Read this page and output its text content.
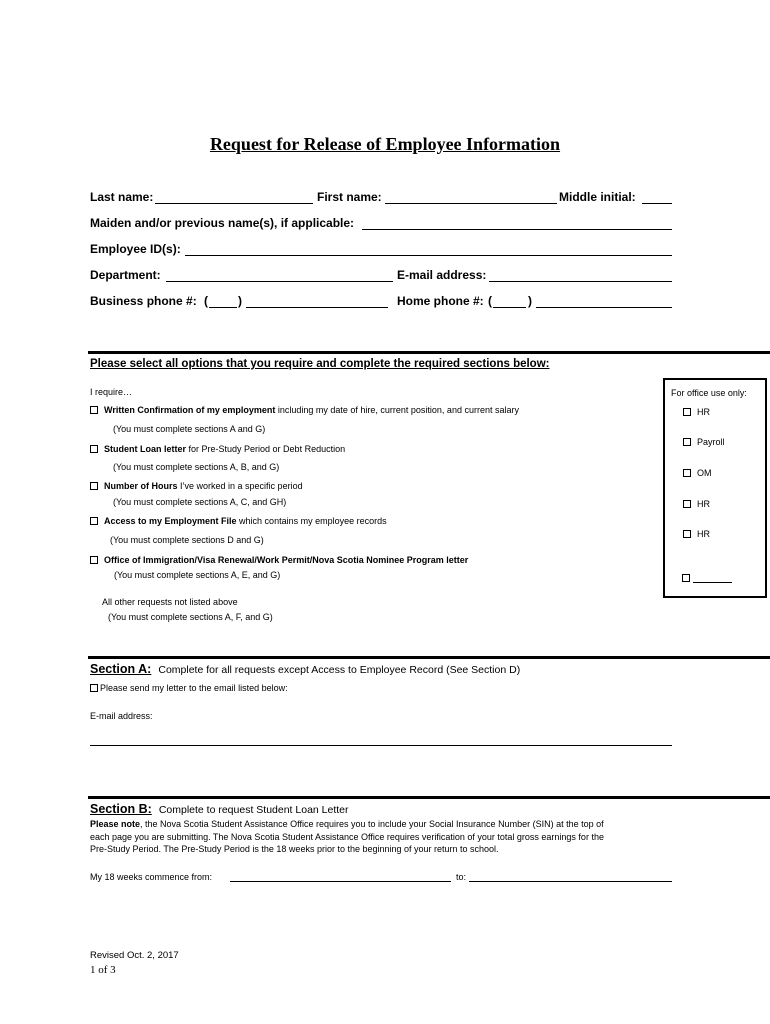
Request for Release of Employee Information
Last name:	First name:	Middle initial:
Maiden and/or previous name(s), if applicable:
Employee ID(s):
Department:	E-mail address:
Business phone #: (	)	Home phone #: (	)
Please select all options that you require and complete the required sections below:
I require…
Written Confirmation of my employment including my date of hire, current position, and current salary
(You must complete sections A and G)
Student Loan letter for Pre-Study Period or Debt Reduction
(You must complete sections A, B, and G)
Number of Hours I’ve worked in a specific period
(You must complete sections A, C, and GH)
Access to my Employment File which contains my employee records
(You must complete sections D and G)
Office of Immigration/Visa Renewal/Work Permit/Nova Scotia Nominee Program letter
(You must complete sections A, E, and G)
All other requests not listed above
(You must complete sections A, F, and G)
For office use only:
HR
Payroll
OM
HR
HR
Section A: Complete for all requests except Access to Employee Record (See Section D)
Please send my letter to the email listed below:
E-mail address:
Section B: Complete to request Student Loan Letter
Please note, the Nova Scotia Student Assistance Office requires you to include your Social Insurance Number (SIN) at the top of
each page you are submitting. The Nova Scotia Student Assistance Office requires verification of your total gross earnings for the
Pre-Study Period. The Pre-Study Period is the 18 weeks prior to the beginning of your return to school.
My 18 weeks commence from:	to:
Revised Oct. 2, 2017
1 of 3
